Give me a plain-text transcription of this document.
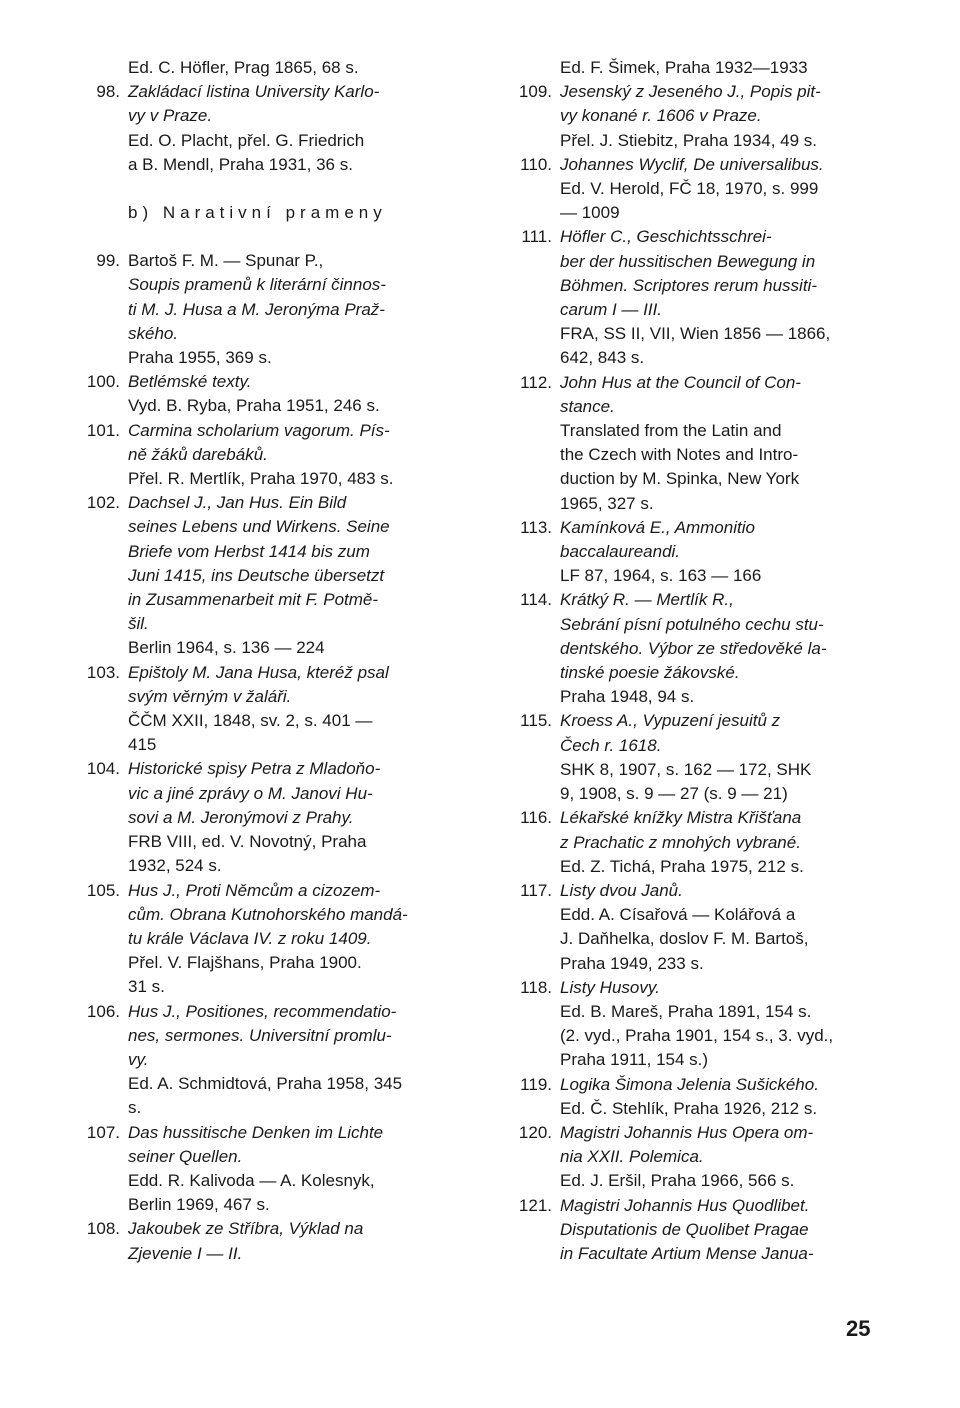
Ed. C. Höfler, Prag 1865, 68 s.
98. Zakládací listina University Karlo-
vy v Praze.
Ed. O. Placht, přel. G. Friedrich
a B. Mendl, Praha 1931, 36 s.
b) Narativní prameny
99. Bartoš F. M. — Spunar P.,
Soupis pramenů k literární činnos-
ti M. J. Husa a M. Jeronýma Praž-
ského.
Praha 1955, 369 s.
100. Betlémské texty.
Vyd. B. Ryba, Praha 1951, 246 s.
101. Carmina scholarium vagorum. Pís-
ně žáků darebáků.
Přel. R. Mertlík, Praha 1970, 483 s.
102. Dachsel J., Jan Hus. Ein Bild
seines Lebens und Wirkens. Seine
Briefe vom Herbst 1414 bis zum
Juni 1415, ins Deutsche übersetzt
in Zusammenarbeit mit F. Potmě-
šil.
Berlin 1964, s. 136 — 224
103. Epištoly M. Jana Husa, kteréž psal
svým věrným v žaláři.
ČČM XXII, 1848, sv. 2, s. 401 —
415
104. Historické spisy Petra z Mladoňo-
vic a jiné zprávy o M. Janovi Hu-
sovi a M. Jeronýmovi z Prahy.
FRB VIII, ed. V. Novotný, Praha
1932, 524 s.
105. Hus J., Proti Němcům a cizozem-
cům. Obrana Kutnohorského mandá-
tu krále Václava IV. z roku 1409.
Přel. V. Flajšhans, Praha 1900.
31 s.
106. Hus J., Positiones, recommendatio-
nes, sermones. Universitní promlu-
vy.
Ed. A. Schmidtová, Praha 1958, 345
s.
107. Das hussitische Denken im Lichte
seiner Quellen.
Edd. R. Kalivoda — A. Kolesnyk,
Berlin 1969, 467 s.
108. Jakoubek ze Stříbra, Výklad na
Zjevenie I — II.
Ed. F. Šimek, Praha 1932—1933
109. Jesenský z Jeseného J., Popis pit-
vy konané r. 1606 v Praze.
Přel. J. Stiebitz, Praha 1934, 49 s.
110. Johannes Wyclif, De universalibus.
Ed. V. Herold, FČ 18, 1970, s. 999
— 1009
111. Höfler C., Geschichtsschrei-
ber der hussitischen Bewegung in
Böhmen. Scriptores rerum hussiti-
carum I — III.
FRA, SS II, VII, Wien 1856 — 1866,
642, 843 s.
112. John Hus at the Council of Con-
stance.
Translated from the Latin and
the Czech with Notes and Intro-
duction by M. Spinka, New York
1965, 327 s.
113. Kamínková E., Ammonitio
baccalaureandi.
LF 87, 1964, s. 163 — 166
114. Krátký R. — Mertlík R.,
Sebrání písní potulného cechu stu-
dentského. Výbor ze středověké la-
tinské poesie žákovské.
Praha 1948, 94 s.
115. Kroess A., Vypuzení jesuitů z
Čech r. 1618.
SHK 8, 1907, s. 162 — 172, SHK
9, 1908, s. 9 — 27 (s. 9 — 21)
116. Lékařské knížky Mistra Křišťana
z Prachatic z mnohých vybrané.
Ed. Z. Tichá, Praha 1975, 212 s.
117. Listy dvou Janů.
Edd. A. Císařová — Kolářová a
J. Daňhelka, doslov F. M. Bartoš,
Praha 1949, 233 s.
118. Listy Husovy.
Ed. B. Mareš, Praha 1891, 154 s.
(2. vyd., Praha 1901, 154 s., 3. vyd.,
Praha 1911, 154 s.)
119. Logika Šimona Jelenia Sušického.
Ed. Č. Stehlík, Praha 1926, 212 s.
120. Magistri Johannis Hus Opera om-
nia XXII. Polemica.
Ed. J. Eršil, Praha 1966, 566 s.
121. Magistri Johannis Hus Quodlibet.
Disputationis de Quolibet Pragae
in Facultate Artium Mense Janua-
25
